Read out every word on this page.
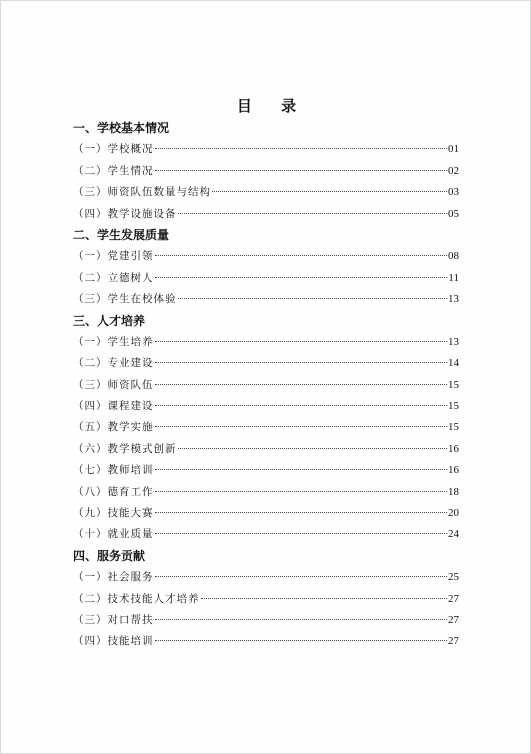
目 录
一、学校基本情况
（一）学校概况	01
（二）学生情况	02
（三）师资队伍数量与结构	03
（四）教学设施设备	05
二、学生发展质量
（一）党建引领	08
（二）立德树人	11
（三）学生在校体验	13
三、人才培养
（一）学生培养	13
（二）专业建设	14
（三）师资队伍	15
（四）课程建设	15
（五）教学实施	15
（六）教学模式创新	16
（七）教师培训	16
（八）德育工作	18
（九）技能大赛	20
（十）就业质量	24
四、服务贡献
（一）社会服务	25
（二）技术技能人才培养	27
（三）对口帮扶	27
（四）技能培训	27
